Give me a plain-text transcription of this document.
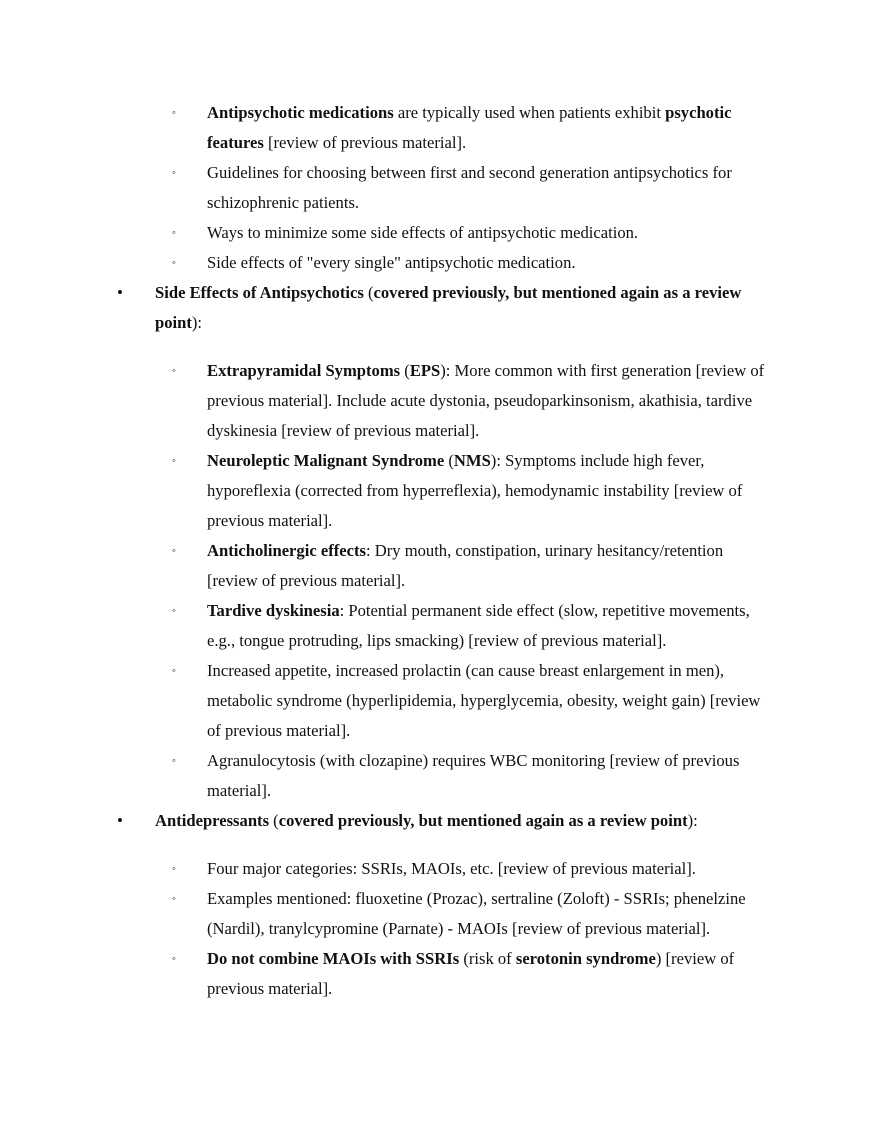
◦ Antipsychotic medications are typically used when patients exhibit psychotic features [review of previous material].
◦ Guidelines for choosing between first and second generation antipsychotics for schizophrenic patients.
◦ Ways to minimize some side effects of antipsychotic medication.
◦ Side effects of "every single" antipsychotic medication.
• Side Effects of Antipsychotics (covered previously, but mentioned again as a review point):
◦ Extrapyramidal Symptoms (EPS): More common with first generation [review of previous material]. Include acute dystonia, pseudoparkinsonism, akathisia, tardive dyskinesia [review of previous material].
◦ Neuroleptic Malignant Syndrome (NMS): Symptoms include high fever, hyporeflexia (corrected from hyperreflexia), hemodynamic instability [review of previous material].
◦ Anticholinergic effects: Dry mouth, constipation, urinary hesitancy/retention [review of previous material].
◦ Tardive dyskinesia: Potential permanent side effect (slow, repetitive movements, e.g., tongue protruding, lips smacking) [review of previous material].
◦ Increased appetite, increased prolactin (can cause breast enlargement in men), metabolic syndrome (hyperlipidemia, hyperglycemia, obesity, weight gain) [review of previous material].
◦ Agranulocytosis (with clozapine) requires WBC monitoring [review of previous material].
• Antidepressants (covered previously, but mentioned again as a review point):
◦ Four major categories: SSRIs, MAOIs, etc. [review of previous material].
◦ Examples mentioned: fluoxetine (Prozac), sertraline (Zoloft) - SSRIs; phenelzine (Nardil), tranylcypromine (Parnate) - MAOIs [review of previous material].
◦ Do not combine MAOIs with SSRIs (risk of serotonin syndrome) [review of previous material].
